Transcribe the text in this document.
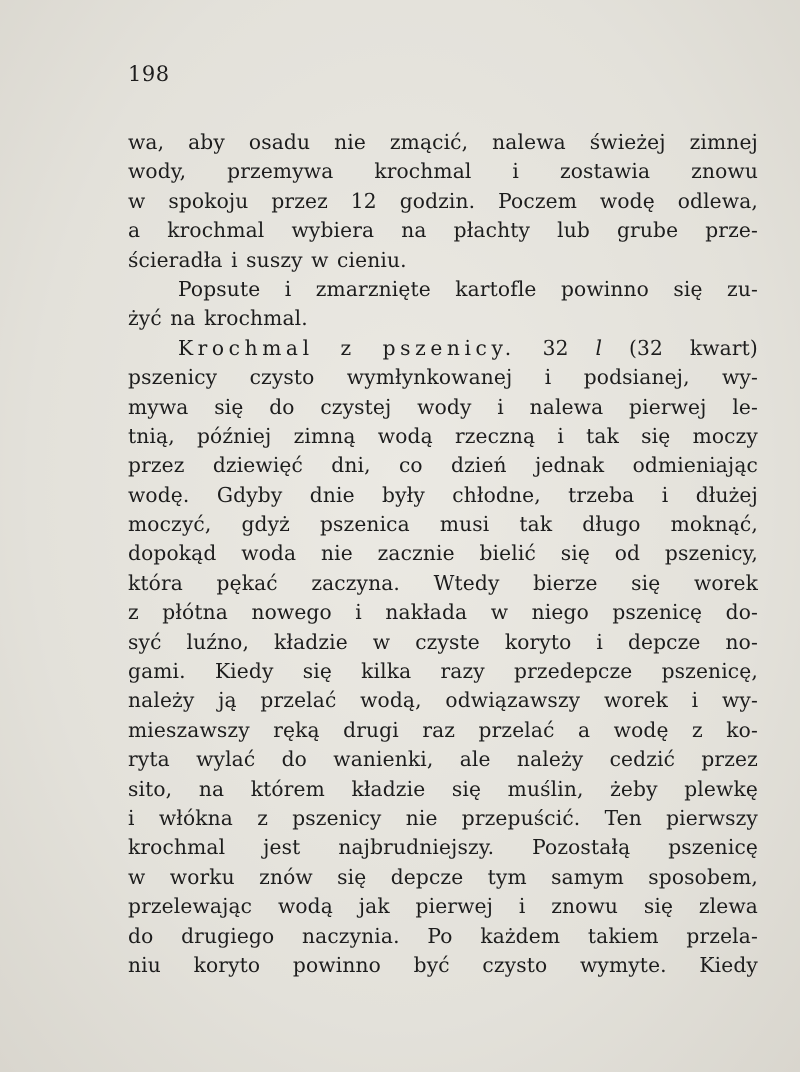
198
wa, aby osadu nie zmącić, nalewa świeżej zimnej
wody, przemywa krochmal i zostawia znowu
w spokoju przez 12 godzin. Poczem wodę odlewa,
a krochmal wybiera na płachty lub grube prze-
ścieradła i suszy w cieniu.
Popsute i zmarznięte kartofle powinno się zu-
żyć na krochmal.
Krochmal z pszenicy. 32 l (32 kwart)
pszenicy czysto wymłynkowanej i podsianej, wy-
mywa się do czystej wody i nalewa pierwej le-
tnią, później zimną wodą rzeczną i tak się moczy
przez dziewięć dni, co dzień jednak odmieniając
wodę. Gdyby dnie były chłodne, trzeba i dłużej
moczyć, gdyż pszenica musi tak długo moknąć,
dopokąd woda nie zacznie bielić się od pszenicy,
która pękać zaczyna. Wtedy bierze się worek
z płótna nowego i nakłada w niego pszenicę do-
syć luźno, kładzie w czyste koryto i depcze no-
gami. Kiedy się kilka razy przedepcze pszenicę,
należy ją przelać wodą, odwiązawszy worek i wy-
mieszawszy ręką drugi raz przelać a wodę z ko-
ryta wylać do wanienki, ale należy cedzić przez
sito, na którem kładzie się muślin, żeby plewkę
i włókna z pszenicy nie przepuścić. Ten pierwszy
krochmal jest najbrudniejszy. Pozostałą pszenicę
w worku znów się depcze tym samym sposobem,
przelewając wodą jak pierwej i znowu się zlewa
do drugiego naczynia. Po każdem takiem przela-
niu koryto powinno być czysto wymyte. Kiedy
